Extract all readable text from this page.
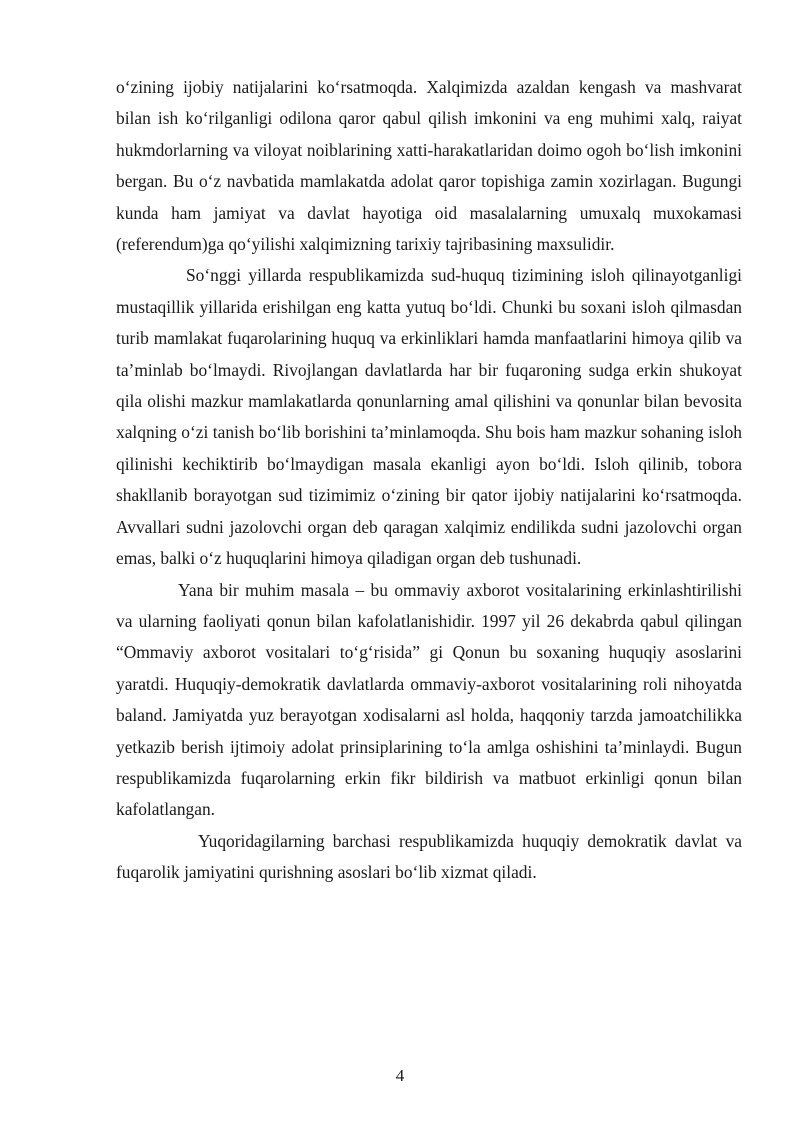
o‘zining ijobiy natijalarini ko‘rsatmoqda. Xalqimizda azaldan kengash va mashvarat bilan ish ko‘rilganligi odilona qaror qabul qilish imkonini va eng muhimi xalq, raiyat hukmdorlarning va viloyat noiblarining xatti-harakatlaridan doimo ogoh bo‘lish imkonini bergan. Bu o‘z navbatida mamlakatda adolat qaror topishiga zamin xozirlagan. Bugungi kunda ham jamiyat va davlat hayotiga oid masalalarning umuxalq muxokamasi (referendum)ga qo‘yilishi xalqimizning tarixiy tajribasining maxsulidir.

So‘nggi yillarda respublikamizda sud-huquq tizimining isloh qilinayotganligi mustaqillik yillarida erishilgan eng katta yutuq bo‘ldi. Chunki bu soxani isloh qilmasdan turib mamlakat fuqarolarining huquq va erkinliklari hamda manfaatlarini himoya qilib va ta’minlab bo‘lmaydi. Rivojlangan davlatlarda har bir fuqaroning sudga erkin shukoyat qila olishi mazkur mamlakatlarda qonunlarning amal qilishini va qonunlar bilan bevosita xalqning o‘zi tanish bo‘lib borishini ta’minlamoqda. Shu bois ham mazkur sohaning isloh qilinishi kechiktirib bo‘lmaydigan masala ekanligi ayon bo‘ldi. Isloh qilinib, tobora shakllanib borayotgan sud tizimimiz o‘zining bir qator ijobiy natijalarini ko‘rsatmoqda. Avvallari sudni jazolovchi organ deb qaragan xalqimiz endilikda sudni jazolovchi organ emas, balki o‘z huquqlarini himoya qiladigan organ deb tushunadi.

Yana bir muhim masala – bu ommaviy axborot vositalarining erkinlashtirilishi va ularning faoliyati qonun bilan kafolatlanishidir. 1997 yil 26 dekabrda qabul qilingan “Ommaviy axborot vositalari to‘g‘risida” gi Qonun bu soxaning huquqiy asoslarini yaratdi. Huquqiy-demokratik davlatlarda ommaviy-axborot vositalarining roli nihoyatda baland. Jamiyatda yuz berayotgan xodisalarni asl holda, haqqoniy tarzda jamoatchilikka yetkazib berish ijtimoiy adolat prinsiplarining to‘la amlga oshishini ta’minlaydi. Bugun respublikamizda fuqarolarning erkin fikr bildirish va matbuot erkinligi qonun bilan kafolatlangan.

Yuqoridagilarning barchasi respublikamizda huquqiy demokratik davlat va fuqarolik jamiyatini qurishning asoslari bo‘lib xizmat qiladi.

4
